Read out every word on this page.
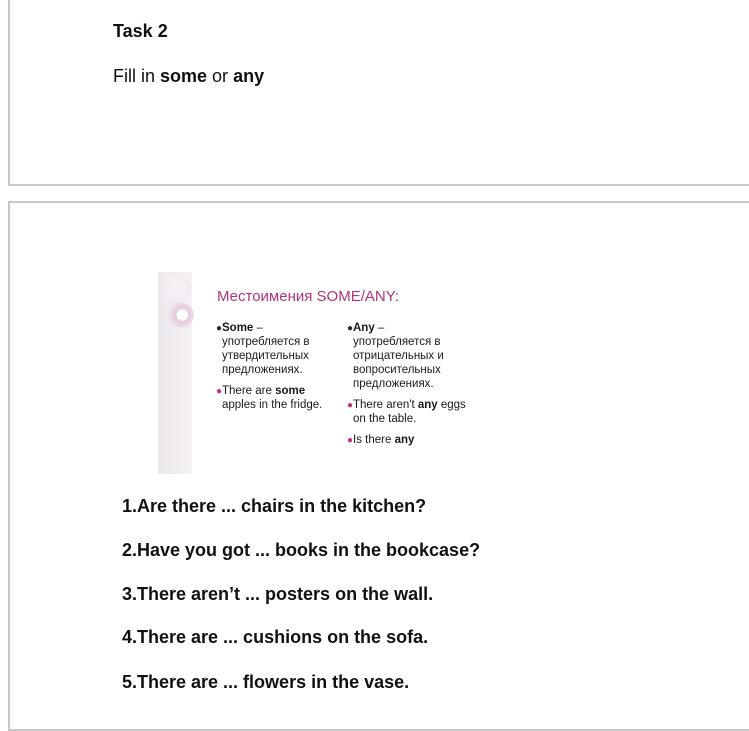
Task 2
Fill in some or any
Местоимения SOME/ANY:
● Some –
употребляется в утвердительных предложениях.
● There are some apples in the fridge.
● Any –
употребляется в отрицательных и вопросительных предложениях.
● There aren't any eggs on the table.
● Is there any
1.Are there ... chairs in the kitchen?
2.Have you got ... books in the bookcase?
3.There aren’t ... posters on the wall.
4.There are ... cushions on the sofa.
5.There are ... flowers in the vase.
